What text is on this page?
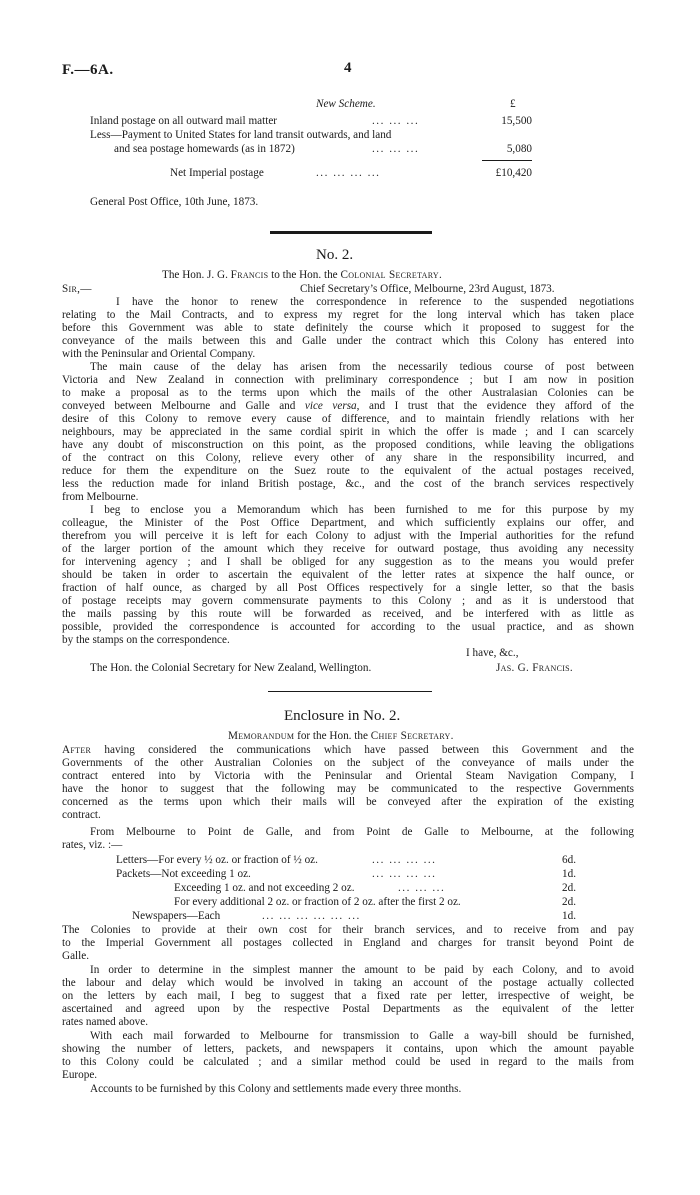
F.—6A.	4
New Scheme.	£
Inland postage on all outward mail matter	... ... ...	15,500
Less—Payment to United States for land transit outwards, and land
and sea postage homewards (as in 1872)	... ... ...	5,080
Net Imperial postage	... ... ... ...	£10,420
General Post Office, 10th June, 1873.
No. 2.
The Hon. J. G. Francis to the Hon. the Colonial Secretary.
Sir,—	Chief Secretary’s Office, Melbourne, 23rd August, 1873.
I have the honor to renew the correspondence in reference to the suspended negotiations
relating to the Mail Contracts, and to express my regret for the long interval which has taken place
before this Government was able to state definitely the course which it proposed to suggest for the
conveyance of the mails between this and Galle under the contract which this Colony has entered into
with the Peninsular and Oriental Company.
The main cause of the delay has arisen from the necessarily tedious course of post between
Victoria and New Zealand in connection with preliminary correspondence ; but I am now in position
to make a proposal as to the terms upon which the mails of the other Australasian Colonies can be
conveyed between Melbourne and Galle and vice versa, and I trust that the evidence they afford of the
desire of this Colony to remove every cause of difference, and to maintain friendly relations with her
neighbours, may be appreciated in the same cordial spirit in which the offer is made ; and I can scarcely
have any doubt of misconstruction on this point, as the proposed conditions, while leaving the obligations
of the contract on this Colony, relieve every other of any share in the responsibility incurred, and
reduce for them the expenditure on the Suez route to the equivalent of the actual postages received,
less the reduction made for inland British postage, &c., and the cost of the branch services respectively
from Melbourne.
I beg to enclose you a Memorandum which has been furnished to me for this purpose by my
colleague, the Minister of the Post Office Department, and which sufficiently explains our offer, and
therefrom you will perceive it is left for each Colony to adjust with the Imperial authorities for the refund
of the larger portion of the amount which they receive for outward postage, thus avoiding any necessity
for intervening agency ; and I shall be obliged for any suggestion as to the means you would prefer
should be taken in order to ascertain the equivalent of the letter rates at sixpence the half ounce, or
fraction of half ounce, as charged by all Post Offices respectively for a single letter, so that the basis
of postage receipts may govern commensurate payments to this Colony ; and as it is understood that
the mails passing by this route will be forwarded as received, and be interfered with as little as
possible, provided the correspondence is accounted for according to the usual practice, and as shown
by the stamps on the correspondence.
I have, &c.,
The Hon. the Colonial Secretary for New Zealand, Wellington.	Jas. G. Francis.
Enclosure in No. 2.
Memorandum for the Hon. the Chief Secretary.
After having considered the communications which have passed between this Government and the
Governments of the other Australian Colonies on the subject of the conveyance of mails under the
contract entered into by Victoria with the Peninsular and Oriental Steam Navigation Company, I
have the honor to suggest that the following may be communicated to the respective Governments
concerned as the terms upon which their mails will be conveyed after the expiration of the existing
contract.
From Melbourne to Point de Galle, and from Point de Galle to Melbourne, at the following
rates, viz. :—
Letters—For every ½ oz. or fraction of ½ oz.	... ... ... ...	6d.
Packets—Not exceeding 1 oz.	... ... ... ...	1d.
Exceeding 1 oz. and not exceeding 2 oz.	... ... ...	2d.
For every additional 2 oz. or fraction of 2 oz. after the first 2 oz.	2d.
Newspapers—Each	... ... ... ... ... ...	1d.
The Colonies to provide at their own cost for their branch services, and to receive from and pay
to the Imperial Government all postages collected in England and charges for transit beyond Point de
Galle.
In order to determine in the simplest manner the amount to be paid by each Colony, and to avoid
the labour and delay which would be involved in taking an account of the postage actually collected
on the letters by each mail, I beg to suggest that a fixed rate per letter, irrespective of weight, be
ascertained and agreed upon by the respective Postal Departments as the equivalent of the letter
rates named above.
With each mail forwarded to Melbourne for transmission to Galle a way-bill should be furnished,
showing the number of letters, packets, and newspapers it contains, upon which the amount payable
to this Colony could be calculated ; and a similar method could be used in regard to the mails from
Europe.
Accounts to be furnished by this Colony and settlements made every three months.
